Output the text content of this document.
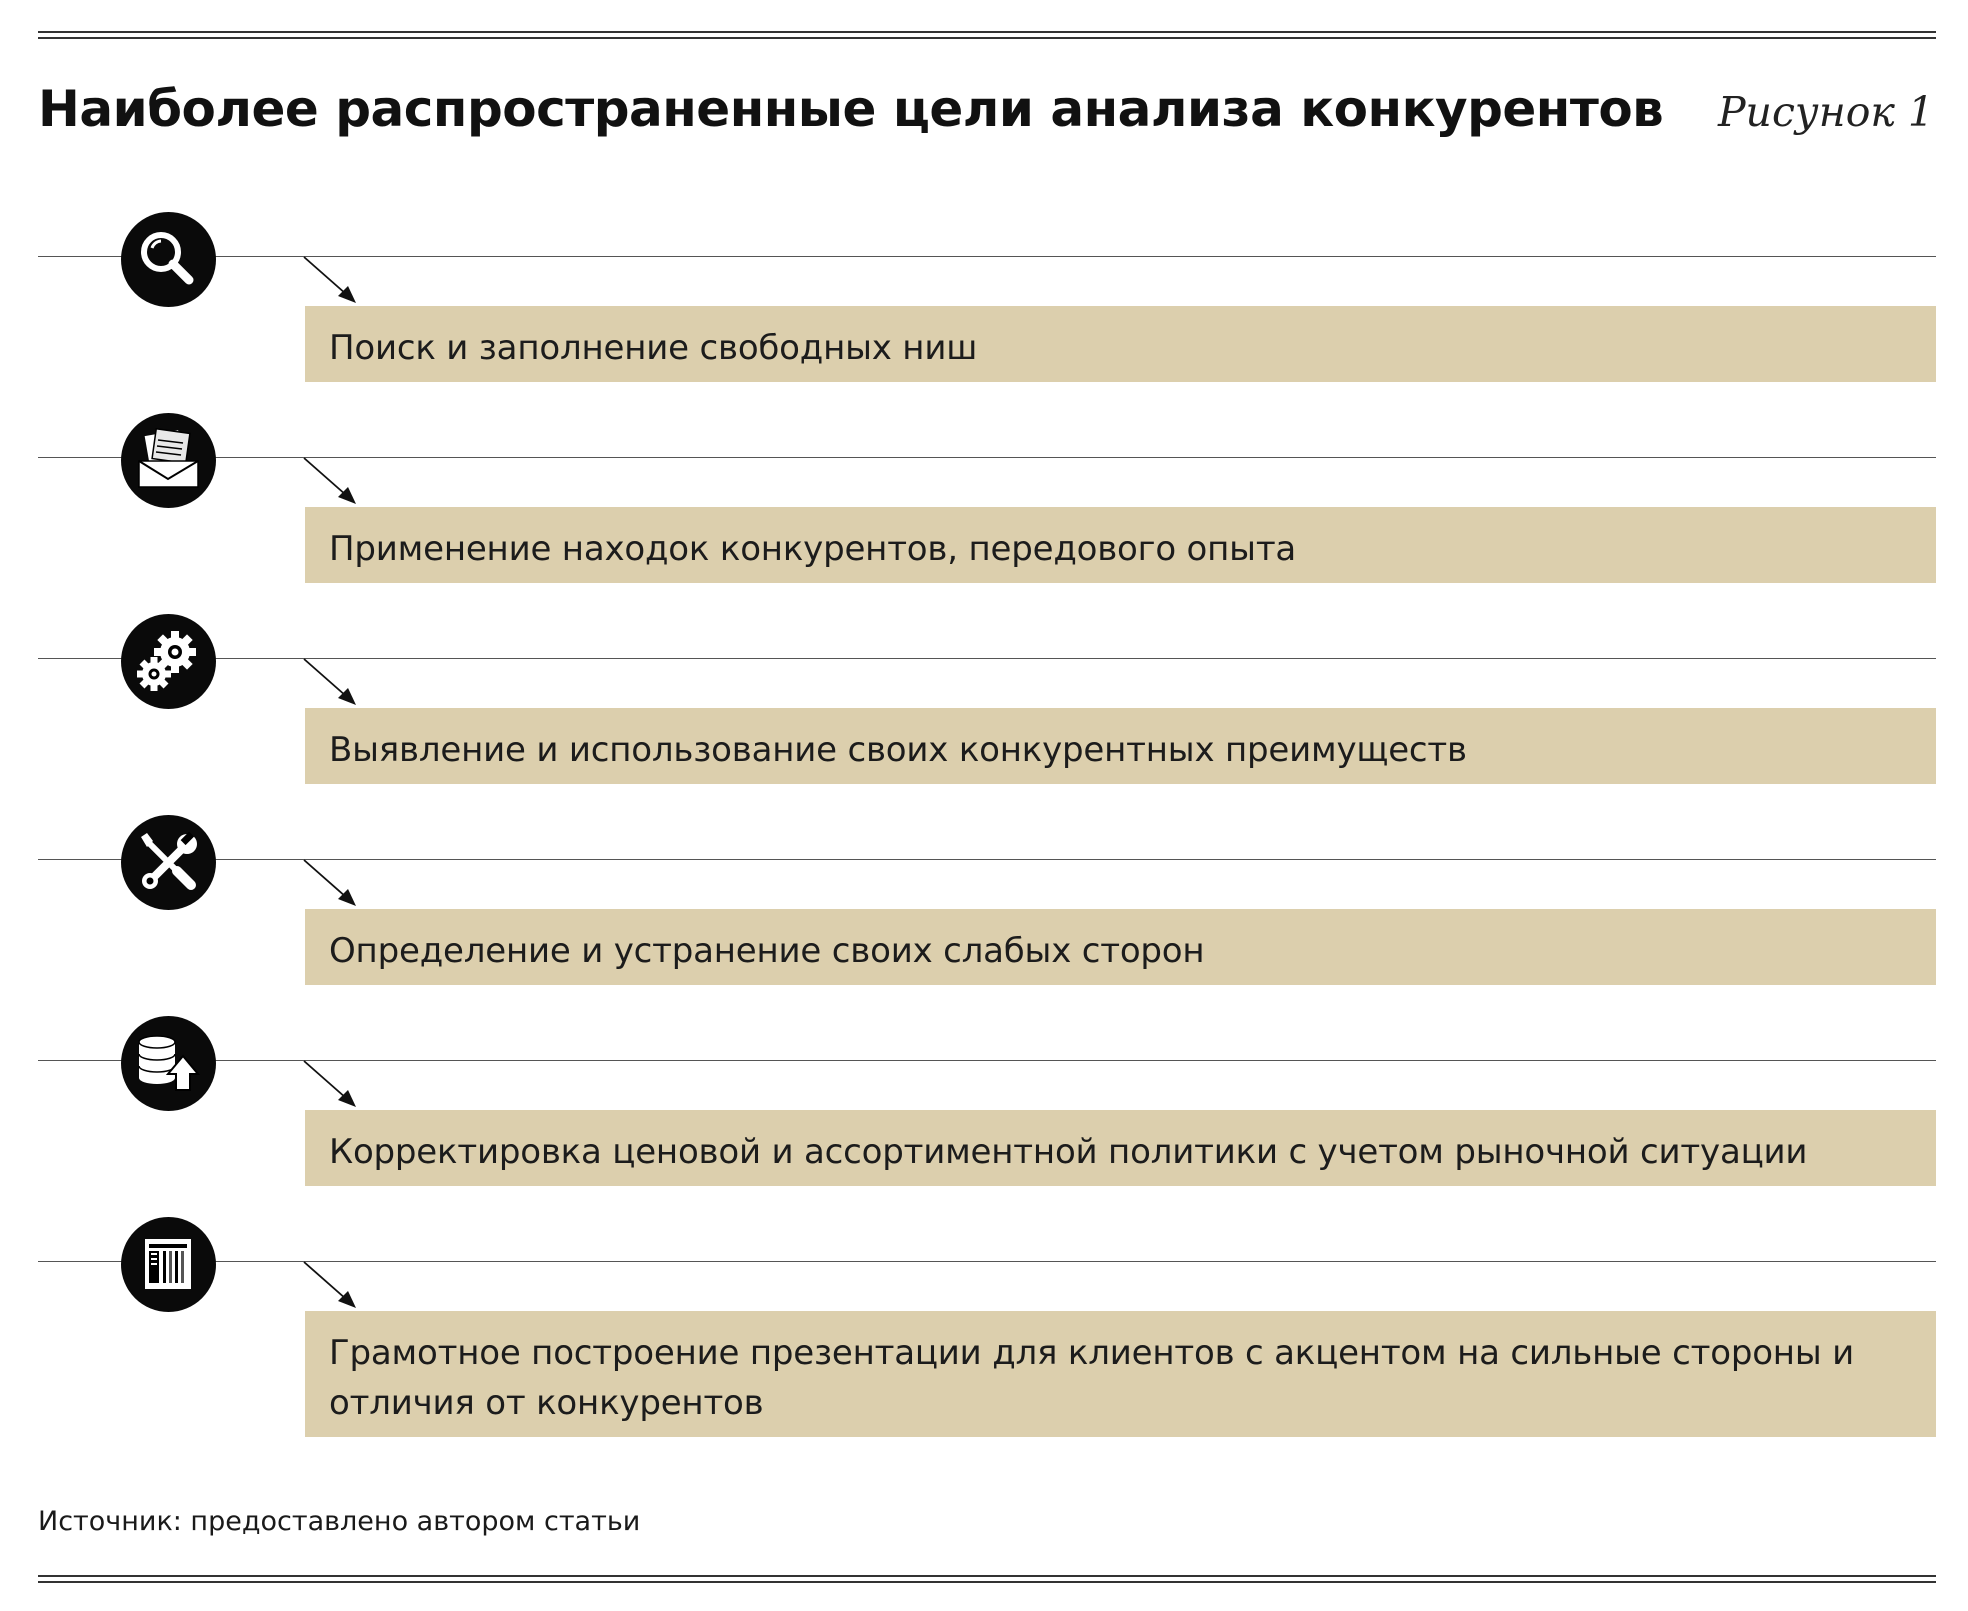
Наиболее распространенные цели анализа конкурентов Рисунок 1
Поиск и заполнение свободных ниш
Применение находок конкурентов, передового опыта
Выявление и использование своих конкурентных преимуществ
Определение и устранение своих слабых сторон
Корректировка ценовой и ассортиментной политики с учетом рыночной ситуации
Грамотное построение презентации для клиентов с акцентом на сильные стороны и отличия от конкурентов
Источник: предоставлено автором статьи
